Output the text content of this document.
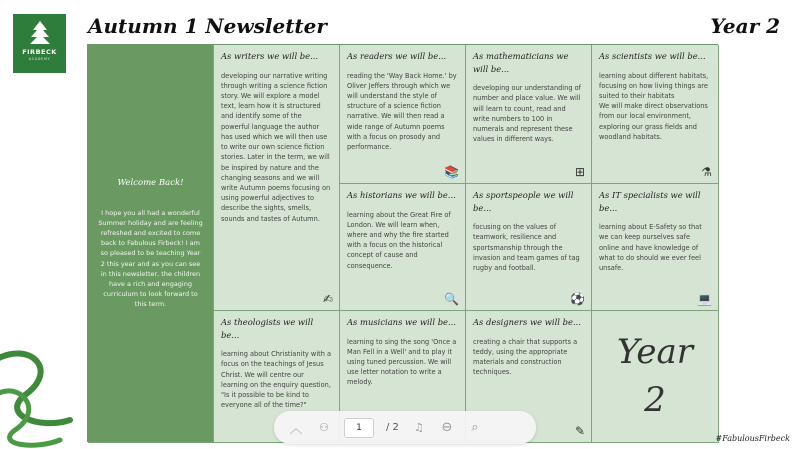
FIRBECK
ACADEMY
Autumn 1 Newsletter	Year 2
Welcome Back!

I hope you all had a wonderful Summer holiday and are feeling refreshed and excited to come back to Fabulous Firbeck! I am so pleased to be teaching Year 2 this year and as you can see in this newsletter, the children have a rich and engaging curriculum to look forward to this term.

As writers we will be...

developing our narrative writing through writing a science fiction story. We will explore a model text, learn how it is structured and identify some of the powerful language the author has used which we will then use to write our own science fiction stories. Later in the term, we will be inspired by nature and the changing seasons and we will write Autumn poems focusing on using powerful adjectives to describe the sights, smells, sounds and tastes of Autumn.

✍
As readers we will be...

reading the 'Way Back Home.' by Oliver Jeffers through which we will understand the style of structure of a science fiction narrative. We will then read a wide range of Autumn poems with a focus on prosody and performance.

📚
As mathematicians we will be...

developing our understanding of number and place value. We will will learn to count, read and write numbers to 100 in numerals and represent these values in different ways.

⊞
As scientists we will be...

learning about different habitats, focusing on how living things are suited to their habitats
We will make direct observations from our local environment, exploring our grass fields and woodland habitats.

⚗
As historians we will be...

learning about the Great Fire of London. We will learn when, where and why the fire started with a focus on the historical concept of cause and consequence.

🔍
As sportspeople we will be...

focusing on the values of teamwork, resilience and sportsmanship through the invasion and team games of tag rugby and football.

⚽
As IT specialists we will be...

learning about E-Safety so that we can keep ourselves safe online and have knowledge of what to do should we ever feel unsafe.

💻
As theologists we will be...

learning about Christianity with a focus on the teachings of Jesus Christ. We will centre our learning on the enquiry question, "Is it possible to be kind to everyone all of the time?"

As musicians we will be...

learning to sing the song 'Once a Man Fell in a Well' and to play it using tuned percussion. We will use letter notation to write a melody.

As designers we will be...

creating a chair that supports a teddy, using the appropriate materials and construction techniques.

✎
Year
2
︿ ⚇
1	/ 2 ♫ ⊖	⌕
#FabulousFirbeck
